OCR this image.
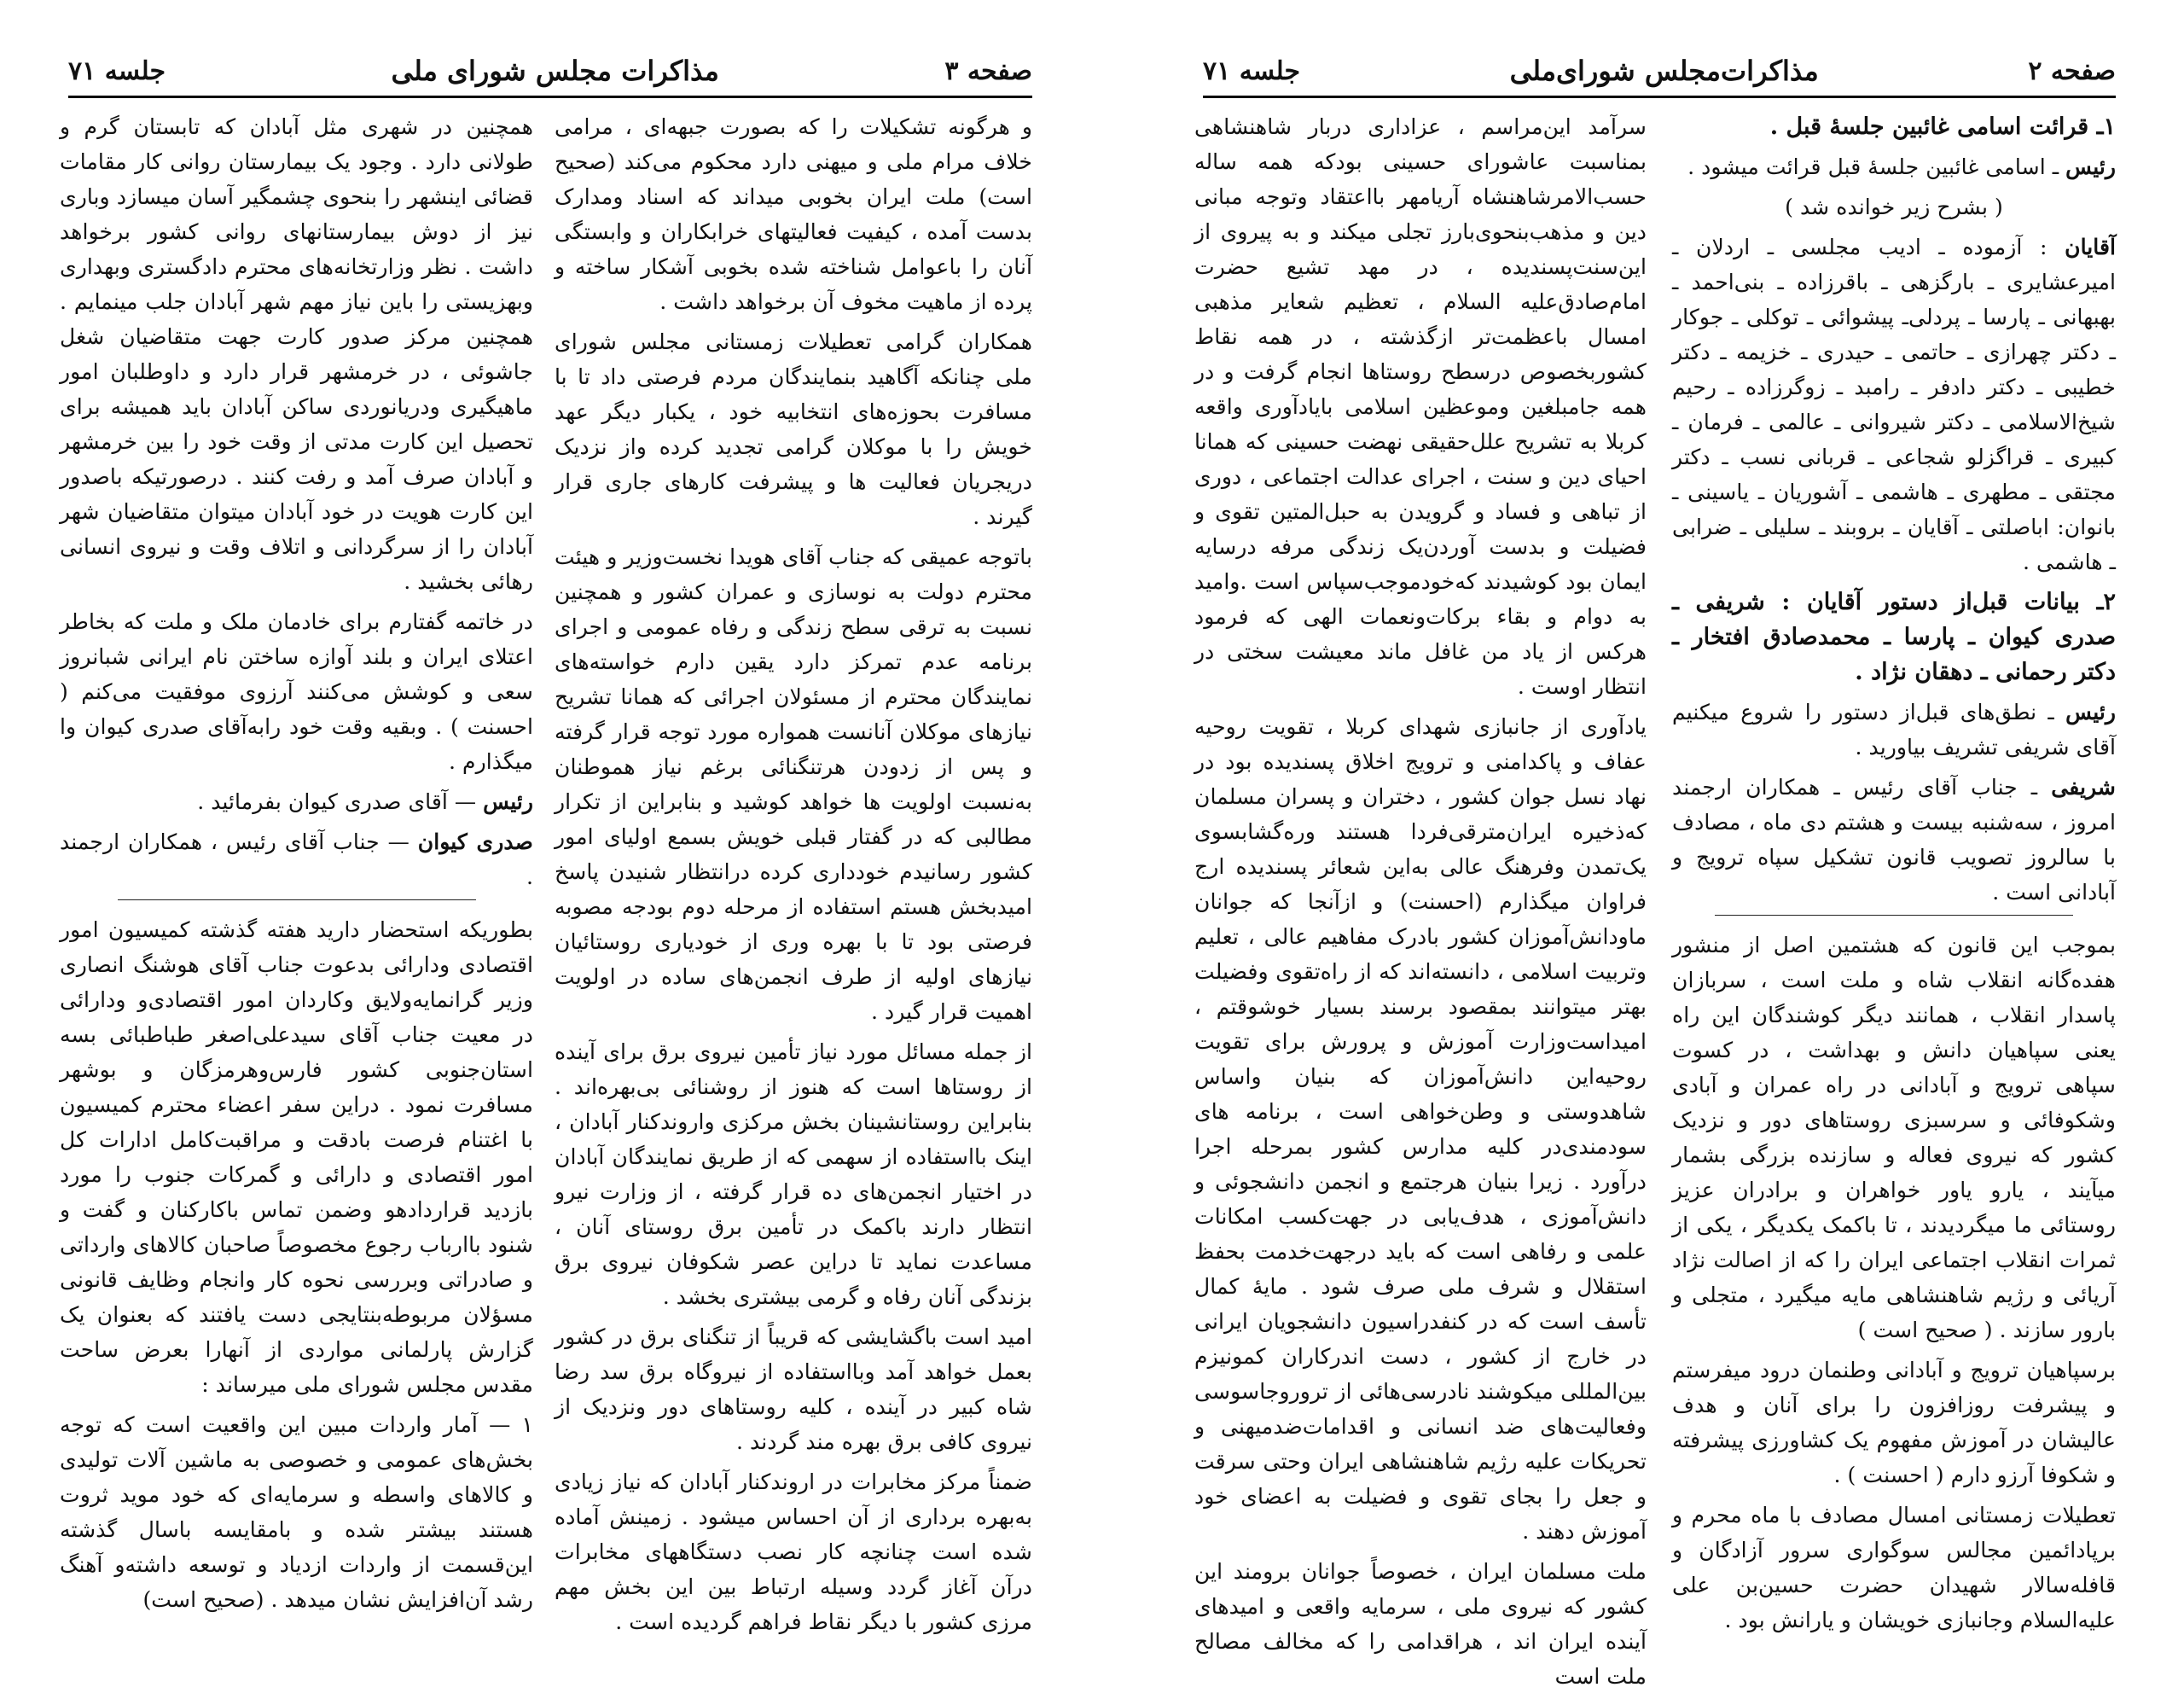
صفحه ۳
مذاکرات مجلس شورای ملی
جلسه ۷۱

و هرگونه تشکیلات را که بصورت جبهه‌ای ، مرامی خلاف مرام ملی و میهنی دارد محکوم می‌کند (صحیح است) ملت ایران بخوبی میداند که اسناد ومدارک بدست آمده ، کیفیت فعالیتهای خرابکاران و وابستگی آنان را باعوامل شناخته شده بخوبی آشکار ساخته و پرده از ماهیت مخوف آن برخواهد داشت .

همکاران گرامی تعطیلات زمستانی مجلس شورای ملی چنانکه آگاهید بنمایندگان مردم فرصتی داد تا با مسافرت بحوزه‌های انتخابیه خود ، یکبار دیگر عهد خویش را با موکلان گرامی تجدید کرده واز نزدیک دریجریان فعالیت ها و پیشرفت کارهای جاری قرار گیرند .

باتوجه عمیقی که جناب آقای هویدا نخست‌وزیر و هیئت محترم دولت به نوسازی و عمران کشور و همچنین نسبت به ترقی سطح زندگی و رفاه عمومی و اجرای برنامه عدم تمرکز دارد یقین دارم خواسته‌های نمایندگان محترم از مسئولان اجرائی که همانا تشریح نیازهای موکلان آنانست همواره مورد توجه قرار گرفته و پس از زدودن هرتنگنائی برغم نیاز هموطنان به‌نسبت اولویت ها خواهد کوشید و بنابراین از تکرار مطالبی که در گفتار قبلی خویش بسمع اولیای امور کشور رسانیدم خودداری کرده درانتظار شنیدن پاسخ امیدبخش هستم استفاده از مرحله دوم بودجه مصوبه فرصتی بود تا با بهره وری از خودیاری روستائیان نیازهای اولیه از طرف انجمن‌های ساده در اولویت اهمیت قرار گیرد .

از جمله مسائل مورد نیاز تأمین نیروی برق برای آینده از روستاها است که هنوز از روشنائی بی‌بهره‌اند . بنابراین روستانشینان بخش مرکزی واروندکنار آبادان ، اینک بااستفاده از سهمی که از طریق نمایندگان آبادان در اختیار انجمن‌های ده قرار گرفته ، از وزارت نیرو انتظار دارند باکمک در تأمین برق روستای آنان ، مساعدت نماید تا دراین عصر شکوفان نیروی برق بزندگی آنان رفاه و گرمی بیشتری بخشد .

امید است باگشایشی که قریباً از تنگنای برق در کشور بعمل خواهد آمد وبااستفاده از نیروگاه برق سد رضا شاه کبیر در آینده ، کلیه روستاهای دور ونزدیک از نیروی کافی برق بهره مند گردند .

ضمناً مرکز مخابرات در اروندکنار آبادان که نیاز زیادی به‌بهره برداری از آن احساس میشود . زمینش آماده شده است چنانچه کار نصب دستگاههای مخابرات درآن آغاز گردد وسیله ارتباط بین این بخش مهم مرزی کشور با دیگر نقاط فراهم گردیده است .

همچنین در شهری مثل آبادان که تابستان گرم و طولانی دارد . وجود یک بیمارستان روانی کار مقامات قضائی اینشهر را بنحوی چشمگیر آسان میسازد وباری نیز از دوش بیمارستانهای روانی کشور برخواهد داشت . نظر وزارتخانه‌های محترم دادگستری وبهداری وبهزیستی را باین نیاز مهم شهر آبادان جلب مینمایم . همچنین مرکز صدور کارت جهت متقاضیان شغل جاشوئی ، در خرمشهر قرار دارد و داوطلبان امور ماهیگیری ودریانوردی ساکن آبادان باید همیشه برای تحصیل این کارت مدتی از وقت خود را بین خرمشهر و آبادان صرف آمد و رفت کنند . درصورتیکه باصدور این کارت هویت در خود آبادان میتوان متقاضیان شهر آبادان را از سرگردانی و اتلاف وقت و نیروی انسانی رهائی بخشید .

در خاتمه گفتارم برای خادمان ملک و ملت که بخاطر اعتلای ایران و بلند آوازه ساختن نام ایرانی شبانروز سعی و کوشش می‌کنند آرزوی موفقیت می‌کنم ( احسنت ) . وبقیه وقت خود رابه‌آقای صدری کیوان وا میگذارم .

رئیس — آقای صدری کیوان بفرمائید .

صدری کیوان — جناب آقای رئیس ، همکاران ارجمند .

بطوریکه استحضار دارید هفته گذشته کمیسیون امور اقتصادی ودارائی بدعوت جناب آقای هوشنگ انصاری وزیر گرانمایه‌ولایق وکاردان امور اقتصادی‌و ودارائی در معیت جناب آقای سیدعلی‌اصغر طباطبائی بسه استان‌جنوبی کشور فارس‌وهرمزگان و بوشهر مسافرت نمود . دراین سفر اعضاء محترم کمیسیون با اغتنام فرصت بادقت و مراقبت‌کامل ادارات کل امور اقتصادی و دارائی و گمرکات جنوب را مورد بازدید قراردادهو وضمن تماس باکارکنان و گفت و شنود باارباب رجوع مخصوصاً صاحبان کالاهای وارداتی و صادراتی وبررسی نحوه کار وانجام وظایف قانونی مسؤلان مربوطه‌بنتایجی دست یافتند که بعنوان یک گزارش پارلمانی مواردی از آنهارا بعرض ساحت مقدس مجلس شورای ملی میرساند :

۱ — آمار واردات مبین این واقعیت است که توجه بخش‌های عمومی و خصوصی به ماشین آلات تولیدی و کالاهای واسطه و سرمایه‌ای که خود موید ثروت هستند بیشتر شده و بامقایسه باسال گذشته این‌قسمت از واردات ازدیاد و توسعه داشته‌و آهنگ رشد آن‌افزایش نشان میدهد . (صحیح است)

صفحه ۲
مذاکرات‌مجلس شورای‌ملی
جلسه ۷۱

۱ـ قرائت اسامی غائبین جلسهٔ قبل .

رئیس ـ اسامی غائبین جلسهٔ قبل قرائت میشود .

( بشرح زیر خوانده شد )

آقایان : آزموده ـ ادیب مجلسی ـ اردلان ـ امیرعشایری ـ بارگزهی ـ باقرزاده ـ بنی‌احمد ـ بهبهانی ـ پارسا ـ پردلی‌ـ پیشوائی ـ توکلی ـ جوکار ـ دکتر چهرازی ـ حاتمی ـ حیدری ـ خزیمه ـ دکتر خطیبی ـ دکتر دادفر ـ رامبد ـ زوگرزاده ـ رحیم شیخ‌الاسلامی ـ دکتر شیروانی ـ عالمی ـ فرمان ـ کبیری ـ قراگزلو شجاعی ـ قربانی نسب ـ دکتر مجتقی ـ مطهری ـ هاشمی ـ آشوریان ـ یاسینی ـ بانوان: اباصلتی ـ آقایان ـ بروبند ـ سلیلی ـ ضرابی ـ هاشمی .

۲ـ بیانات قبل‌از دستور آقایان : شریفی ـ صدری کیوان ـ پارسا ـ محمدصادق افتخار ـ دکتر رحمانی ـ دهقان نژاد .

رئیس ـ نطق‌های قبل‌از دستور را شروع میکنیم آقای شریفی تشریف بیاورید .

شریفی ـ جناب آقای رئیس ـ همکاران ارجمند امروز ، سه‌شنبه بیست و هشتم دی ماه ، مصادف با سالروز تصویب قانون تشکیل سپاه ترویج و آبادانی است .

بموجب این قانون که هشتمین اصل از منشور هفده‌گانه انقلاب شاه و ملت است ، سربازان پاسدار انقلاب ، همانند دیگر کوشندگان این راه یعنی سپاهیان دانش و بهداشت ، در کسوت سپاهی ترویج و آبادانی در راه عمران و آبادی وشکوفائی و سرسبزی روستاهای دور و نزدیک کشور که نیروی فعاله و سازنده بزرگی بشمار میآیند ، یارو یاور خواهران و برادران عزیز روستائی ما میگردیدند ، تا باکمک یکدیگر ، یکی از ثمرات انقلاب اجتماعی ایران را که از اصالت نژاد آریائی و رژیم شاهنشاهی مایه میگیرد ، متجلی و بارور سازند . ( صحیح است )

برسپاهیان ترویج و آبادانی وطنمان درود میفرستم و پیشرفت روزافزون را برای آنان و هدف عالیشان در آموزش مفهوم یک کشاورزی پیشرفته و شکوفا آرزو دارم ( احسنت ) .

تعطیلات زمستانی امسال مصادف با ماه محرم و برپادائمین مجالس سوگواری سرور آزادگان و قافله‌سالار شهیدان حضرت حسین‌بن علی علیه‌السلام وجانبازی خویشان و یارانش بود .

سرآمد این‌مراسم ، عزاداری دربار شاهنشاهی بمناسبت عاشورای حسینی بودکه همه ساله حسب‌الامرشاهنشاه آریامهر بااعتقاد وتوجه مبانی دین و مذهب‌بنحوی‌بارز تجلی میکند و به پیروی از این‌سنت‌پسندیده ، در مهد تشیع حضرت امام‌صادق‌علیه السلام ، تعظیم شعایر مذهبی امسال باعظمت‌تر ازگذشته ، در همه نقاط کشوربخصوص درسطح روستاها انجام گرفت و در همه جامبلغین وموعظین اسلامی بایادآوری واقعه کربلا به تشریح علل‌حقیقی نهضت حسینی که همانا احیای دین و سنت ، اجرای عدالت اجتماعی ، دوری از تباهی و فساد و گرویدن به حبل‌المتین تقوی و فضیلت و بدست آوردن‌یک زندگی مرفه درسایه ایمان بود کوشیدند که‌خودموجب‌سپاس است .وامید به دوام و بقاء برکات‌ونعمات الهی که فرمود هرکس از یاد من غافل ماند معیشت سختی در انتظار اوست .

یادآوری از جانبازی شهدای کربلا ، تقویت روحیه عفاف و پاکدامنی و ترویج اخلاق پسندیده بود در نهاد نسل جوان کشور ، دختران و پسران مسلمان که‌ذخیره ایران‌مترقی‌فردا هستند وره‌گشابسوی یک‌تمدن وفرهنگ عالی به‌این شعائر پسندیده ارج فراوان میگذارم (احسنت) و ازآنجا که جوانان ماودانش‌آموزان کشور بادرک مفاهیم عالی ، تعلیم وتربیت اسلامی ، دانسته‌اند که از راه‌تقوی وفضیلت بهتر میتوانند بمقصود برسند بسیار خوشوقتم ، امیداست‌وزارت آموزش و پرورش برای تقویت روحیه‌این دانش‌آموزان که بنیان واساس شاهدوستی و وطن‌خواهی است ، برنامه های سودمندی‌در کلیه مدارس کشور بمرحله اجرا درآورد . زیرا بنیان هرجتمع و انجمن دانشجوئی و دانش‌آموزی ، هدف‌یابی در جهت‌کسب امکانات علمی و رفاهی است که باید درجهت‌خدمت بحفظ استقلال و شرف ملی صرف شود . مایهٔ کمال تأسف است که در کنفدراسیون دانشجویان ایرانی در خارج از کشور ، دست اندرکاران کمونیزم بین‌المللی میکوشند نادرسی‌هائی از تروروجاسوسی وفعالیت‌های ضد انسانی و اقدامات‌ضدمیهنی و تحریکات علیه رژیم شاهنشاهی ایران وحتی سرقت و جعل را بجای تقوی و فضیلت به اعضای خود آموزش دهند .

ملت مسلمان ایران ، خصوصاً جوانان برومند این کشور که نیروی ملی ، سرمایه واقعی و امیدهای آینده ایران اند ، هراقدامی را که مخالف مصالح ملت است
